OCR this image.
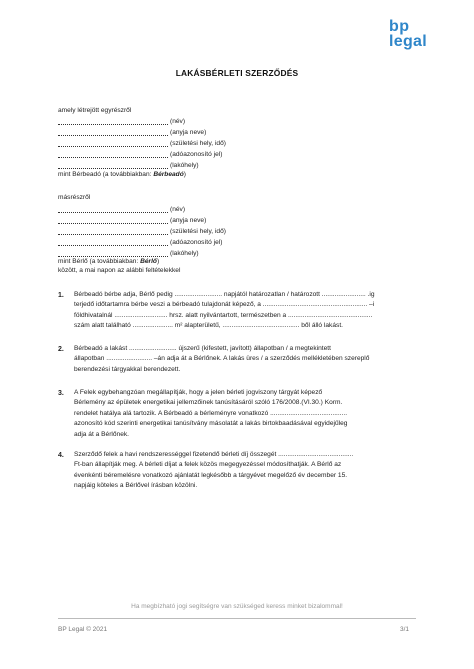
bp
legal
LAKÁSBÉRLETI SZERZŐDÉS
amely létrejött egyrészről
(név)
(anyja neve)
(születési hely, idő)
(adóazonosító jel)
(lakóhely)
mint Bérbeadó (a továbbiakban: Bérbeadó)
másrészről
(név)
(anyja neve)
(születési hely, idő)
(adóazonosító jel)
(lakóhely)
mint Bérlő (a továbbiakban: Bérlő)
között, a mai napon az alábbi feltételekkel
1. Bérbeadó bérbe adja, Bérlő pedig .......................... napjától határozatlan / határozott ........................ .ig
terjedő időtartamra bérbe veszi a bérbeadó tulajdonát képező, a ......................................................... –i
földhivatalnál ............................. hrsz. alatt nyilvántartott, természetben a ..............................................
szám alatt található ...................... m² alapterületű, .......................................... ből álló lakást.
2. Bérbeadó a lakást .......................... újszerű (kifestett, javított) állapotban / a megtekintett
állapotban ......................... –án adja át a Bérlőnek. A lakás üres / a szerződés mellékletében szereplő
berendezési tárgyakkal berendezett.
3. A Felek egybehangzóan megállapítják, hogy a jelen bérleti jogviszony tárgyát képező
Bérlemény az épületek energetikai jellemzőinek tanúsításáról szóló 176/2008.(VI.30.) Korm.
rendelet hatálya alá tartozik. A Bérbeadó a bérleményre vonatkozó ..........................................
azonosító kód szerinti energetikai tanúsítvány másolatát a lakás birtokbaadásával egyidejűleg
adja át a Bérlőnek.
4. Szerződő felek a havi rendszerességgel fizetendő bérleti díj összegét .........................................
Ft-ban állapítják meg. A bérleti díjat a felek közös megegyezéssel módosíthatják. A Bérlő az
évenkénti béremelésre vonatkozó ajánlatát legkésőbb a tárgyévet megelőző év december 15.
napjáig köteles a Bérlővel írásban közölni.
Ha megbízható jogi segítségre van szükséged keress minket bizalommal!
BP Legal © 2021	3/1
